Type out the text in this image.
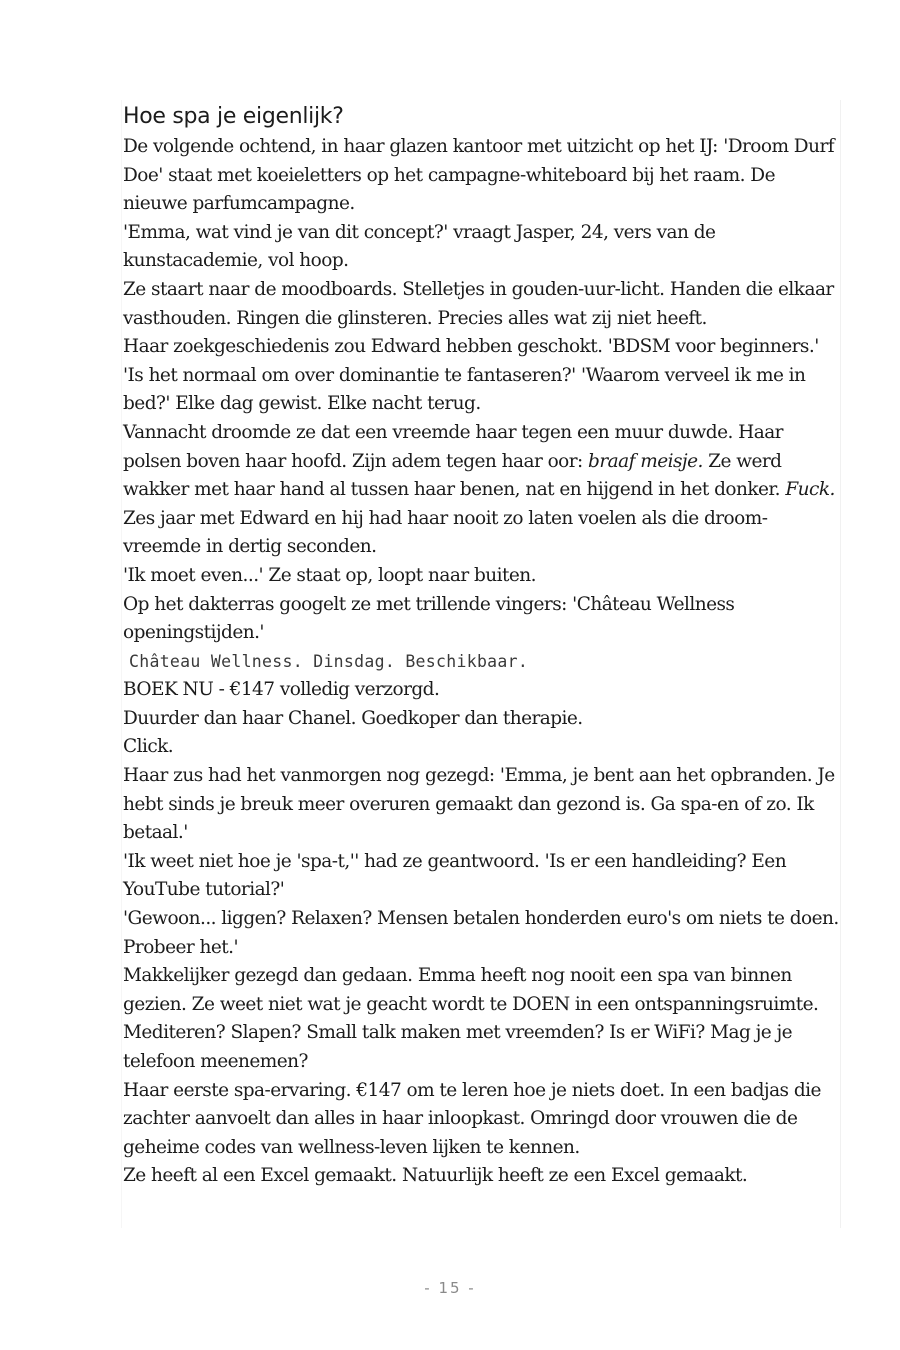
Hoe spa je eigenlijk?

De volgende ochtend, in haar glazen kantoor met uitzicht op het IJ: 'Droom Durf Doe' staat met koeieletters op het campagne-whiteboard bij het raam. De nieuwe parfumcampagne.

'Emma, wat vind je van dit concept?' vraagt Jasper, 24, vers van de kunstacademie, vol hoop.

Ze staart naar de moodboards. Stelletjes in gouden-uur-licht. Handen die elkaar vasthouden. Ringen die glinsteren. Precies alles wat zij niet heeft.

Haar zoekgeschiedenis zou Edward hebben geschokt. 'BDSM voor beginners.' 'Is het normaal om over dominantie te fantaseren?' 'Waarom verveel ik me in bed?' Elke dag gewist. Elke nacht terug.

Vannacht droomde ze dat een vreemde haar tegen een muur duwde. Haar polsen boven haar hoofd. Zijn adem tegen haar oor: braaf meisje. Ze werd wakker met haar hand al tussen haar benen, nat en hijgend in het donker. Fuck. Zes jaar met Edward en hij had haar nooit zo laten voelen als die droom-vreemde in dertig seconden.

'Ik moet even...' Ze staat op, loopt naar buiten.

Op het dakterras googelt ze met trillende vingers: 'Château Wellness openingstijden.'

Château Wellness. Dinsdag. Beschikbaar.

BOEK NU - €147 volledig verzorgd.

Duurder dan haar Chanel. Goedkoper dan therapie.

Click.

Haar zus had het vanmorgen nog gezegd: 'Emma, je bent aan het opbranden. Je hebt sinds je breuk meer overuren gemaakt dan gezond is. Ga spa-en of zo. Ik betaal.'

'Ik weet niet hoe je 'spa-t,'' had ze geantwoord. 'Is er een handleiding? Een YouTube tutorial?'

'Gewoon... liggen? Relaxen? Mensen betalen honderden euro's om niets te doen. Probeer het.'

Makkelijker gezegd dan gedaan. Emma heeft nog nooit een spa van binnen gezien. Ze weet niet wat je geacht wordt te DOEN in een ontspanningsruimte. Mediteren? Slapen? Small talk maken met vreemden? Is er WiFi? Mag je je telefoon meenemen?

Haar eerste spa-ervaring. €147 om te leren hoe je niets doet. In een badjas die zachter aanvoelt dan alles in haar inloopkast. Omringd door vrouwen die de geheime codes van wellness-leven lijken te kennen.

Ze heeft al een Excel gemaakt. Natuurlijk heeft ze een Excel gemaakt.

- 15 -
